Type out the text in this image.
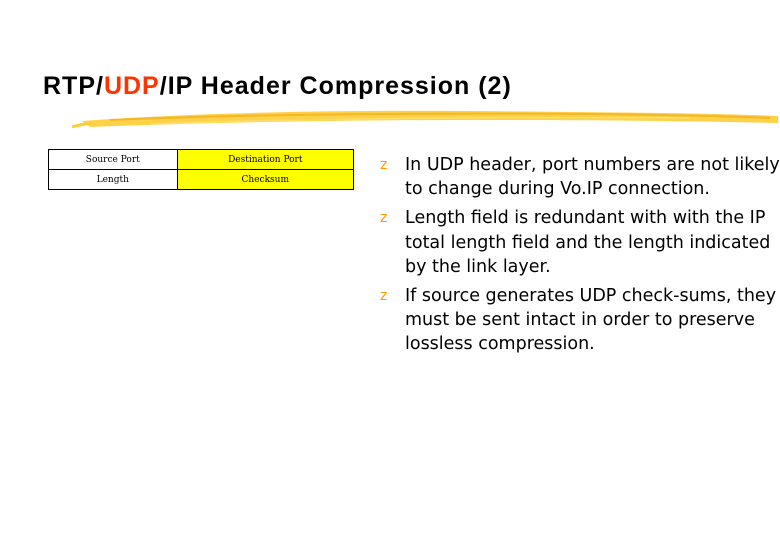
RTP/UDP/IP Header Compression (2)
Source Port	Destination Port
Length	Checksum
z In UDP header, port numbers are not likely to change during Vo.IP connection.
z Length field is redundant with with the IP total length field and the length indicated by the link layer.
z If source generates UDP check-sums, they must be sent intact in order to preserve lossless compression.
